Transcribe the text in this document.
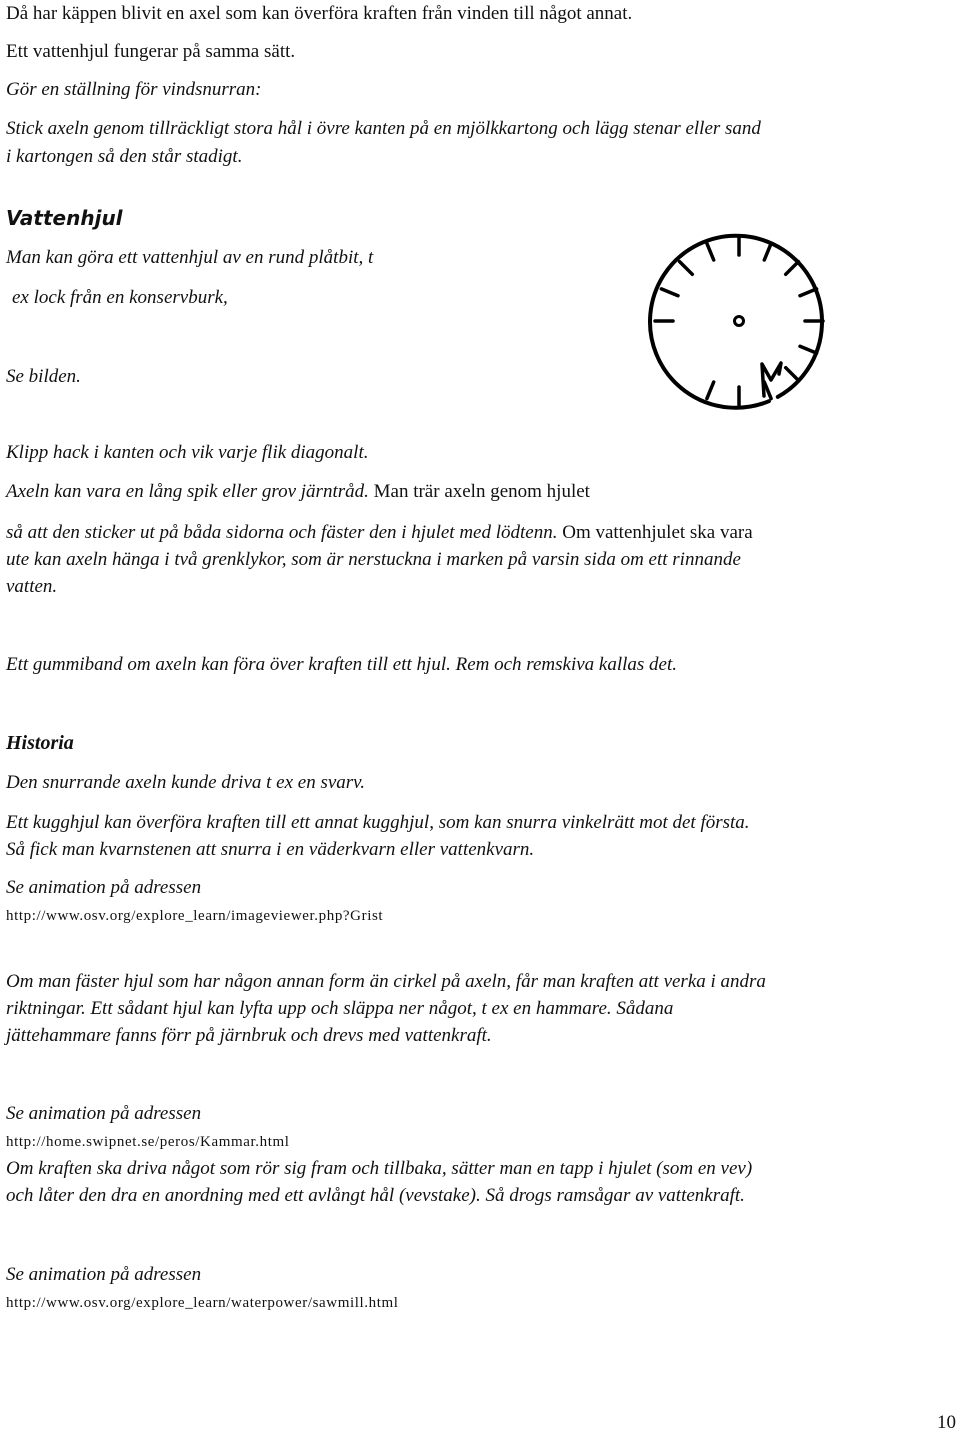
Då har käppen blivit en axel som kan överföra kraften från vinden till något annat.

Ett vattenhjul fungerar på samma sätt.

Gör en ställning för vindsnurran:

Stick axeln genom tillräckligt stora hål i övre kanten på en mjölkkartong och lägg stenar eller sand

i kartongen så den står stadigt.

Vattenhjul

Man kan göra ett vattenhjul av en rund plåtbit, t

ex lock från en konservburk,

Se bilden.

Klipp hack i kanten och vik varje flik diagonalt.

Axeln kan vara en lång spik eller grov järntråd. Man trär axeln genom hjulet

så att den sticker ut på båda sidorna och fäster den i hjulet med lödtenn. Om vattenhjulet ska vara

ute kan axeln hänga i två grenklykor, som är nerstuckna i marken på varsin sida om ett rinnande

vatten.

Ett gummiband om axeln kan föra över kraften till ett hjul. Rem och remskiva kallas det.

Historia

Den snurrande axeln kunde driva t ex en svarv.

Ett kugghjul kan överföra kraften till ett annat kugghjul, som kan snurra vinkelrätt mot det första.

Så fick man kvarnstenen att snurra i en väderkvarn eller vattenkvarn.

Se animation på adressen

http://www.osv.org/explore_learn/imageviewer.php?Grist

Om man fäster hjul som har någon annan form än cirkel på axeln, får man kraften att verka i andra

riktningar. Ett sådant hjul kan lyfta upp och släppa ner något, t ex en hammare. Sådana

jättehammare fanns förr på järnbruk och drevs med vattenkraft.

Se animation på adressen

http://home.swipnet.se/peros/Kammar.html

Om kraften ska driva något som rör sig fram och tillbaka, sätter man en tapp i hjulet (som en vev)

och låter den dra en anordning med ett avlångt hål (vevstake). Så drogs ramsågar av vattenkraft.

Se animation på adressen

http://www.osv.org/explore_learn/waterpower/sawmill.html

10
